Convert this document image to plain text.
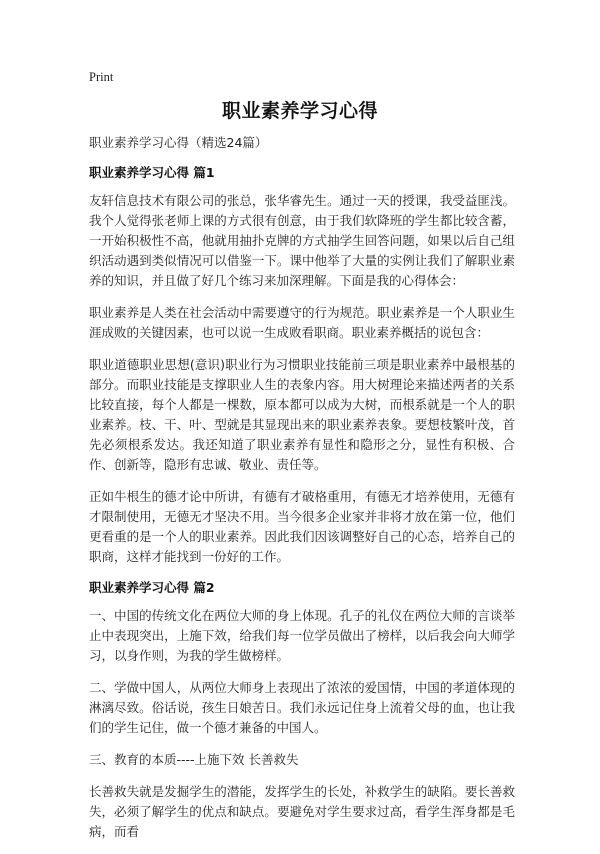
Print
职业素养学习心得

职业素养学习心得（精选24篇）

职业素养学习心得 篇1

友轩信息技术有限公司的张总，张华睿先生。通过一天的授课，我受益匪浅。我个人觉得张老师上课的方式很有创意，由于我们软降班的学生都比较含蓄，一开始积极性不高，他就用抽扑克牌的方式抽学生回答问题，如果以后自己组织活动遇到类似情况可以借鉴一下。课中他举了大量的实例让我们了解职业素养的知识，并且做了好几个练习来加深理解。下面是我的心得体会：

职业素养是人类在社会活动中需要遵守的行为规范。职业素养是一个人职业生涯成败的关键因素，也可以说一生成败看职商。职业素养概括的说包含：

职业道德职业思想(意识)职业行为习惯职业技能前三项是职业素养中最根基的部分。而职业技能是支撑职业人生的表象内容。用大树理论来描述两者的关系比较直接，每个人都是一棵数，原本都可以成为大树，而根系就是一个人的职业素养。枝、干、叶、型就是其显现出来的职业素养表象。要想枝繁叶茂，首先必须根系发达。我还知道了职业素养有显性和隐形之分，显性有积极、合作、创新等，隐形有忠诚、敬业、责任等。

正如牛根生的德才论中所讲，有德有才破格重用，有德无才培养使用，无德有才限制使用，无德无才坚决不用。当今很多企业家并非将才放在第一位，他们更看重的是一个人的职业素养。因此我们因该调整好自己的心态，培养自己的职商，这样才能找到一份好的工作。

职业素养学习心得 篇2

一、中国的传统文化在两位大师的身上体现。孔子的礼仪在两位大师的言谈举止中表现突出，上施下效，给我们每一位学员做出了榜样，以后我会向大师学习，以身作则，为我的学生做榜样。

二、学做中国人，从两位大师身上表现出了浓浓的爱国情，中国的孝道体现的淋漓尽致。俗话说，孩生日娘苦日。我们永远记住身上流着父母的血，也让我们的学生记住，做一个德才兼备的中国人。

三、教育的本质----上施下效 长善救失

长善救失就是发掘学生的潜能，发挥学生的长处，补救学生的缺陷。要长善救失，必须了解学生的优点和缺点。要避免对学生要求过高，看学生浑身都是毛病，而看
